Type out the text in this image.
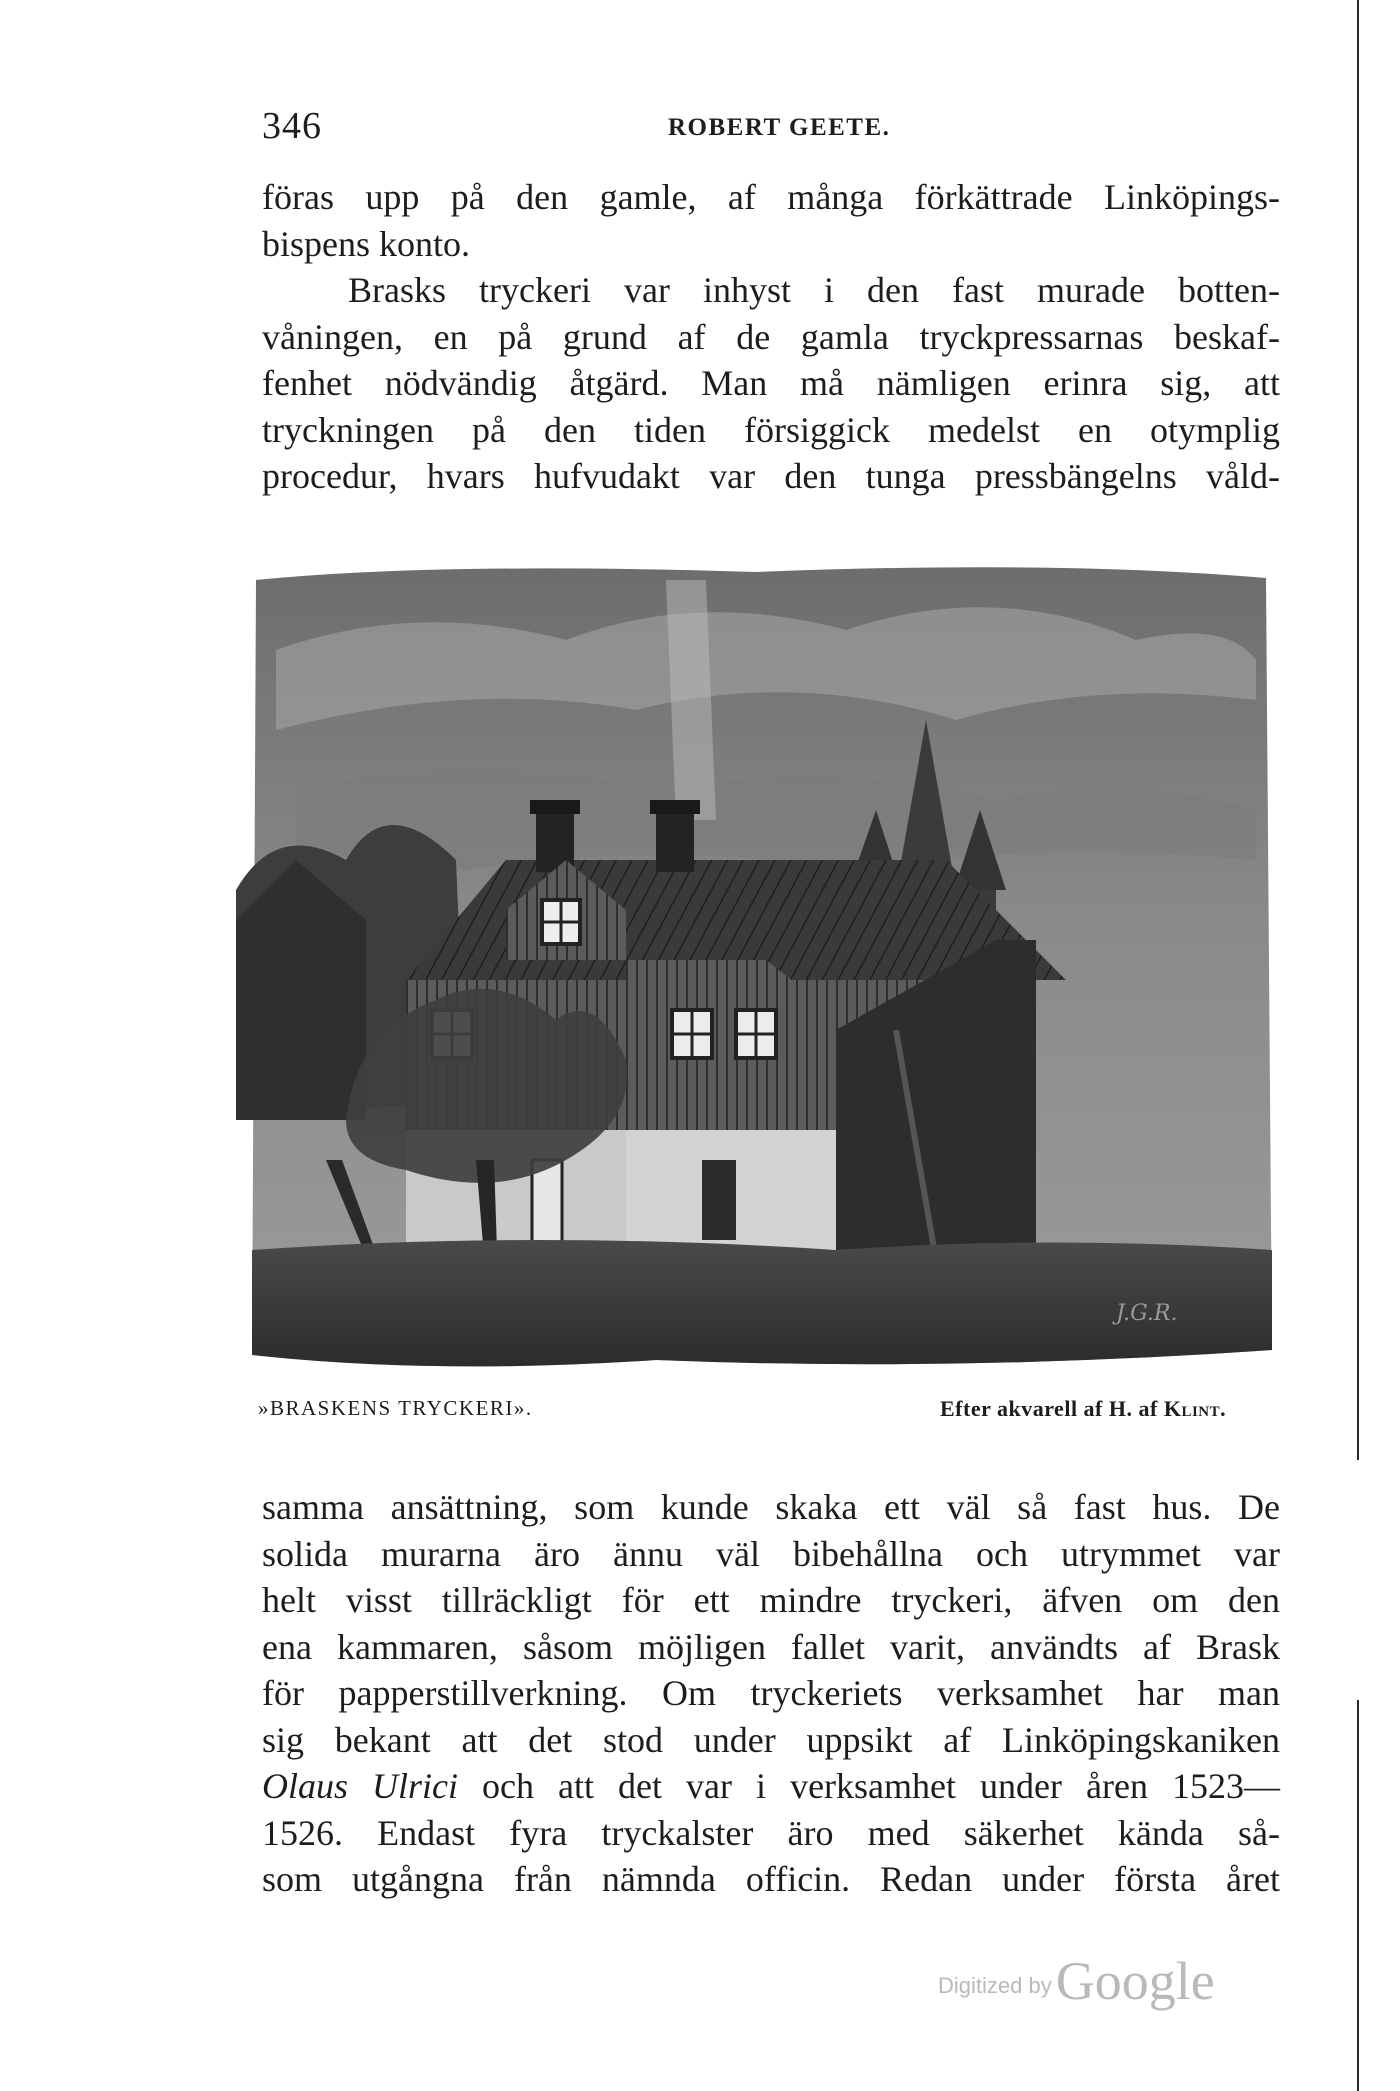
346	ROBERT GEETE.
föras upp på den gamle, af många förkättrade Linköpings-
bispens konto.
Brasks tryckeri var inhyst i den fast murade botten-
våningen, en på grund af de gamla tryckpressarnas beskaf-
fenhet nödvändig åtgärd. Man må nämligen erinra sig, att
tryckningen på den tiden försiggick medelst en otymplig
procedur, hvars hufvudakt var den tunga pressbängelns våld-
J.G.R.
»BRASKENS TRYCKERI».	Efter akvarell af H. af Klint.
samma ansättning, som kunde skaka ett väl så fast hus. De
solida murarna äro ännu väl bibehållna och utrymmet var
helt visst tillräckligt för ett mindre tryckeri, äfven om den
ena kammaren, såsom möjligen fallet varit, användts af Brask
för papperstillverkning. Om tryckeriets verksamhet har man
sig bekant att det stod under uppsikt af Linköpingskaniken
Olaus Ulrici och att det var i verksamhet under åren 1523—
1526. Endast fyra tryckalster äro med säkerhet kända så-
som utgångna från nämnda officin. Redan under första året
Digitized by Google
